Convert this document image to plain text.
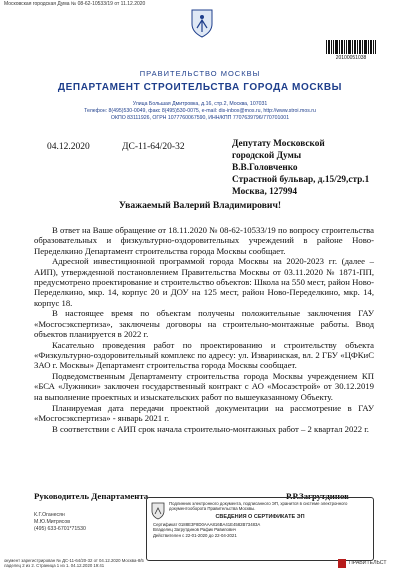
Московская городская Дума № 08-62-10533/19 от 11.12.2020
20100051038
ПРАВИТЕЛЬСТВО МОСКВЫ
ДЕПАРТАМЕНТ СТРОИТЕЛЬСТВА ГОРОДА МОСКВЫ
Улица Большая Дмитровка, д.16, стр.2, Москва, 107031
Телефон: 8(495)530-0049, факс 8(495)530-0075, e-mail: dis-inbox@mos.ru, http://www.stroi.mos.ru
ОКПО 83111926, ОГРН 1077760067590, ИНН/КПП 7707639796/770701001
04.12.2020	ДС-11-64/20-32	Депутату Московской
городской Думы
В.В.Головченко
Страстной бульвар, д.15/29,стр.1
Москва, 127994
Уважаемый Валерий Владимирович!

В ответ на Ваше обращение от 18.11.2020 № 08-62-10533/19 по вопросу строительства образовательных и физкультурно-оздоровительных учреждений в районе Ново-Переделкино Департамент строительства города Москвы сообщает.

Адресной инвестиционной программой города Москвы на 2020-2023 гг. (далее – АИП), утвержденной постановлением Правительства Москвы от 03.11.2020 № 1871-ПП, предусмотрено проектирование и строительство объектов: Школа на 550 мест, район Ново-Переделкино, мкр. 14, корпус 20 и ДОУ на 125 мест, район Ново-Переделкино, мкр. 14, корпус 18.

В настоящее время по объектам получены положительные заключения ГАУ «Мосгосэкспертиза», заключены договоры на строительно-монтажные работы. Ввод объектов планируется в 2022 г.

Касательно проведения работ по проектированию и строительству объекта «Физкультурно-оздоровительный комплекс по адресу: ул. Изваринская, вл. 2 ГБУ «ЦФКиС ЗАО г. Москвы» Департамент строительства города Москвы сообщает.

Подведомственным Департаменту строительства города Москвы учреждением КП «БСА «Лужники» заключен государственный контракт с АО «Мосаэстрой» от 30.12.2019 на выполнение проектных и изыскательских работ по вышеуказанному Объекту.

Планируемая дата передачи проектной документации на рассмотрение в ГАУ «Мосгосэкспертиза» - январь 2021 г.

В соответствии с АИП срок начала строительно-монтажных работ – 2 квартал 2022 г.

Руководитель Департамента	Р.Р.Загрутдинов
К.Г.Оганесян
М.Ю.Митрясов
(495) 633-6701*71530
Подлинник электронного документа, подписанного ЭП, хранится в системе электронного документооборота Правительства Москвы.
СВЕДЕНИЯ О СЕРТИФИКАТЕ ЭП
Сертификат 0188E3F8D0AAA816BA41E4582B73483А
Владелец Загрутдинов Рафик Равилович
Действителен с 22-01-2020 до 22-04-2021
окумент зарегистрирован № ДС-11-64/20-32 от 04.12.2020 Москва-8/5
ладелец 2 из 2. Страница 1 из 1. 04.12.2020 19:41	ПРАВИТЕЛЬСТ
